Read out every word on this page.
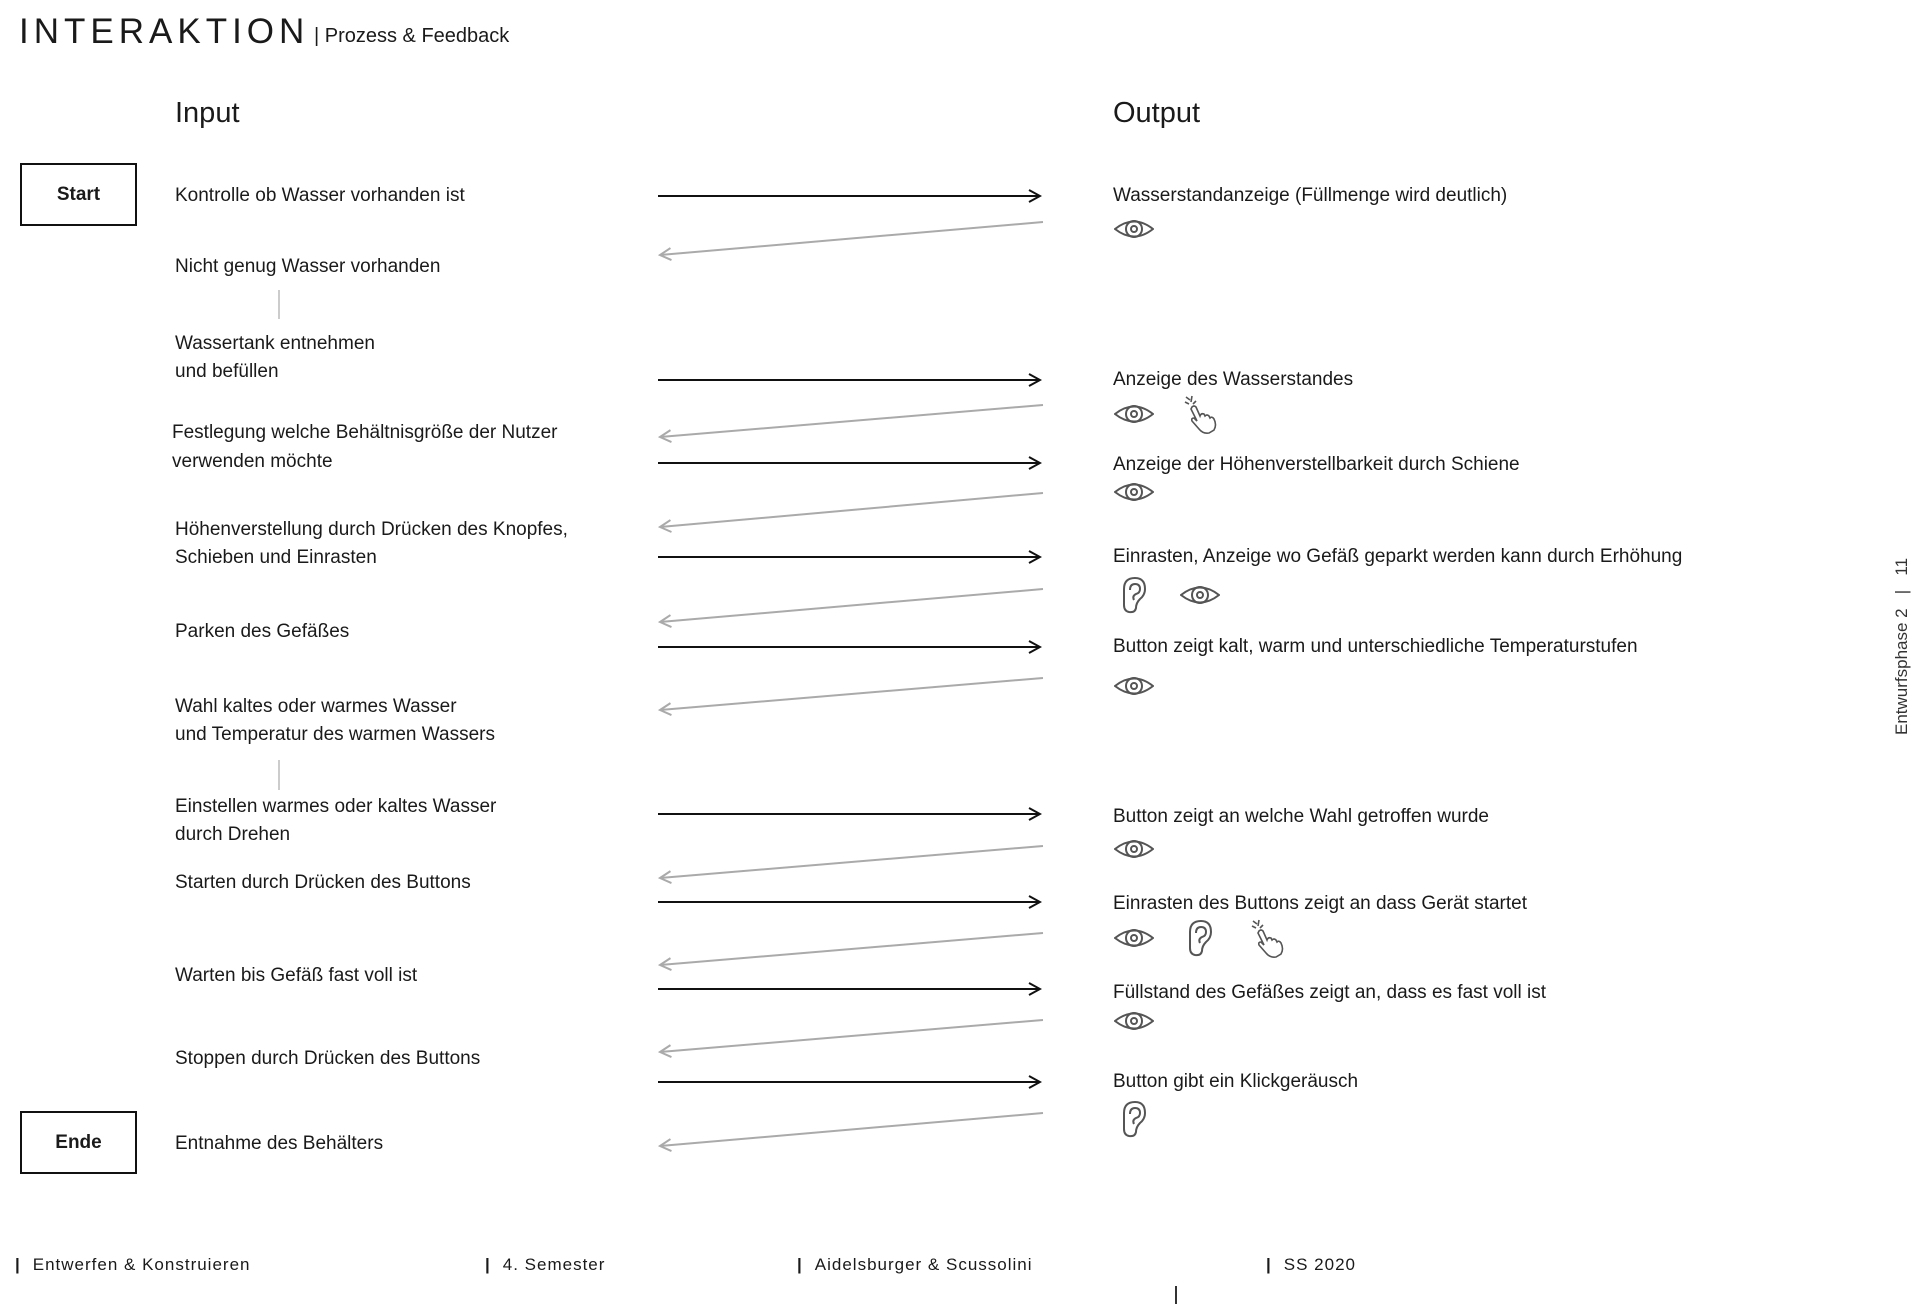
INTERAKTION | Prozess & Feedback
Input	Output
Start
Ende
Kontrolle ob Wasser vorhanden ist
Nicht genug Wasser vorhanden
Wassertank entnehmen
und befüllen
Festlegung welche Behältnisgröße der Nutzer
verwenden möchte
Höhenverstellung durch Drücken des Knopfes,
Schieben und Einrasten
Parken des Gefäßes
Wahl kaltes oder warmes Wasser
und Temperatur des warmen Wassers
Einstellen warmes oder kaltes Wasser
durch Drehen
Starten durch Drücken des Buttons
Warten bis Gefäß fast voll ist
Stoppen durch Drücken des Buttons
Entnahme des Behälters
Wasserstandanzeige (Füllmenge wird deutlich)
Anzeige des Wasserstandes
Anzeige der Höhenverstellbarkeit durch Schiene
Einrasten, Anzeige wo Gefäß geparkt werden kann durch Erhöhung
Button zeigt kalt, warm und unterschiedliche Temperaturstufen
Button zeigt an welche Wahl getroffen wurde
Einrasten des Buttons zeigt an dass Gerät startet
Füllstand des Gefäßes zeigt an, dass es fast voll ist
Button gibt ein Klickgeräusch
| Entwerfen & Konstruieren	| 4. Semester	| Aidelsburger & Scussolini	| SS 2020
Entwurfsphase 2   |   11
